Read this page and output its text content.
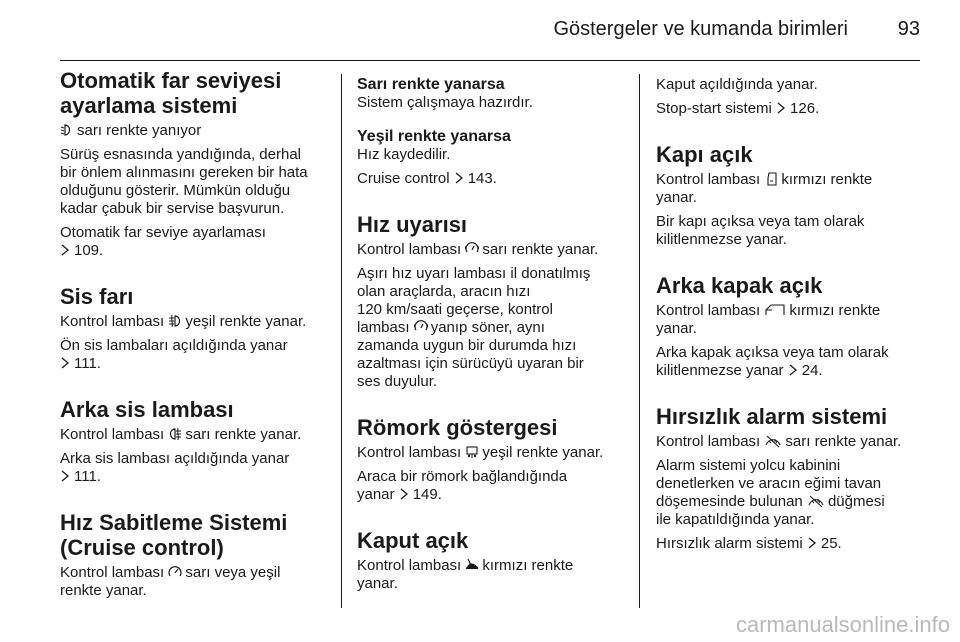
Göstergeler ve kumanda birimleri 93
Otomatik far seviyesi
ayarlama sistemi
sarı renkte yanıyor
Sürüş esnasında yandığında, derhal
bir önlem alınmasını gereken bir hata
olduğunu gösterir. Mümkün olduğu
kadar çabuk bir servise başvurun.
Otomatik far seviye ayarlaması
109.
Sis farı
Kontrol lambası yeşil renkte yanar.
Ön sis lambaları açıldığında yanar
111.
Arka sis lambası
Kontrol lambası sarı renkte yanar.
Arka sis lambası açıldığında yanar
111.
Hız Sabitleme Sistemi
(Cruise control)
Kontrol lambası sarı veya yeşil
renkte yanar.
Sarı renkte yanarsa
Sistem çalışmaya hazırdır.
Yeşil renkte yanarsa
Hız kaydedilir.
Cruise control 143.
Hız uyarısı
Kontrol lambası sarı renkte yanar.
Aşırı hız uyarı lambası il donatılmış
olan araçlarda, aracın hızı
120 km/saati geçerse, kontrol
lambası yanıp söner, aynı
zamanda uygun bir durumda hızı
azaltması için sürücüyü uyaran bir
ses duyulur.
Römork göstergesi
Kontrol lambası yeşil renkte yanar.
Araca bir römork bağlandığında
yanar 149.
Kaput açık
Kontrol lambası kırmızı renkte
yanar.
Kaput açıldığında yanar.
Stop-start sistemi 126.
Kapı açık
Kontrol lambası kırmızı renkte
yanar.
Bir kapı açıksa veya tam olarak
kilitlenmezse yanar.
Arka kapak açık
Kontrol lambası kırmızı renkte
yanar.
Arka kapak açıksa veya tam olarak
kilitlenmezse yanar 24.
Hırsızlık alarm sistemi
Kontrol lambası sarı renkte yanar.
Alarm sistemi yolcu kabinini
denetlerken ve aracın eğimi tavan
döşemesinde bulunan düğmesi
ile kapatıldığında yanar.
Hırsızlık alarm sistemi 25.
carmanualsonline.info
